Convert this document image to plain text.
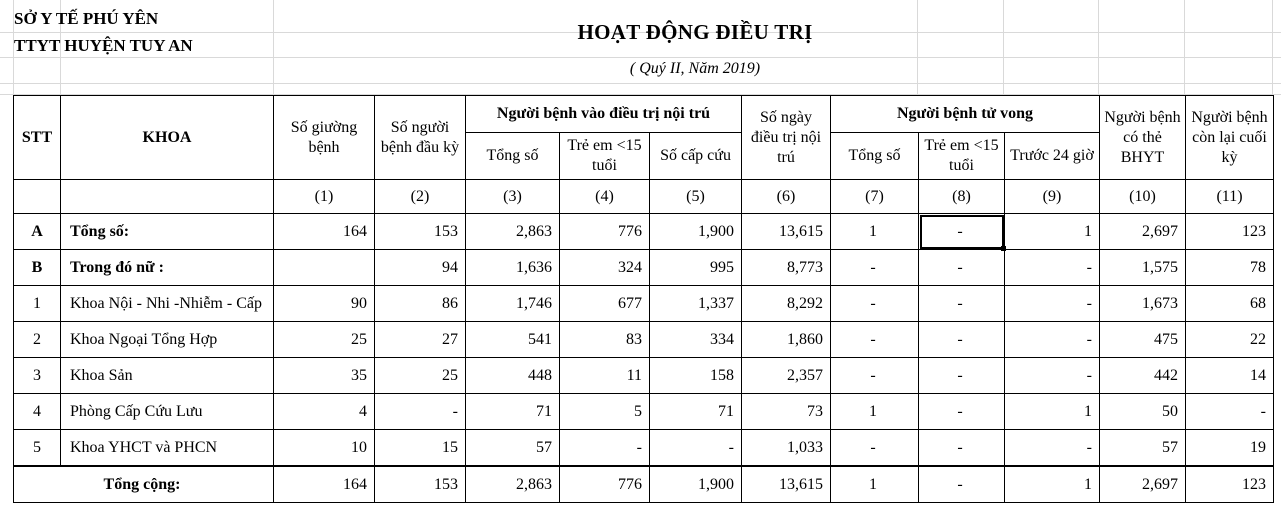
SỞ Y TẾ PHÚ YÊN
TTYT HUYỆN TUY AN
HOẠT ĐỘNG ĐIỀU TRỊ
( Quý II, Năm 2019)
STT	KHOA	Số giường bệnh	Số người bệnh đầu kỳ	Người bệnh vào điều trị nội trú			Số ngày điều trị nội trú	Người bệnh tử vong			Người bệnh có thẻ BHYT	Người bệnh còn lại cuối kỳ
				Tổng số	Trẻ em <15 tuổi	Số cấp cứu		Tổng số	Trẻ em <15 tuổi	Trước 24 giờ		
		(1)	(2)	(3)	(4)	(5)	(6)	(7)	(8)	(9)	(10)	(11)
A	Tổng số:	164	153	2,863	776	1,900	13,615	1	-	1	2,697	123
B	Trong đó nữ :		94	1,636	324	995	8,773	-	-	-	1,575	78
1	Khoa Nội - Nhi -Nhiễm - Cấp	90	86	1,746	677	1,337	8,292	-	-	-	1,673	68
2	Khoa Ngoại Tổng Hợp	25	27	541	83	334	1,860	-	-	-	475	22
3	Khoa Sản	35	25	448	11	158	2,357	-	-	-	442	14
4	Phòng Cấp Cứu Lưu	4	-	71	5	71	73	1	-	1	50	-
5	Khoa YHCT và PHCN	10	15	57	-	-	1,033	-	-	-	57	19
Tổng cộng:		164	153	2,863	776	1,900	13,615	1	-	1	2,697	123
